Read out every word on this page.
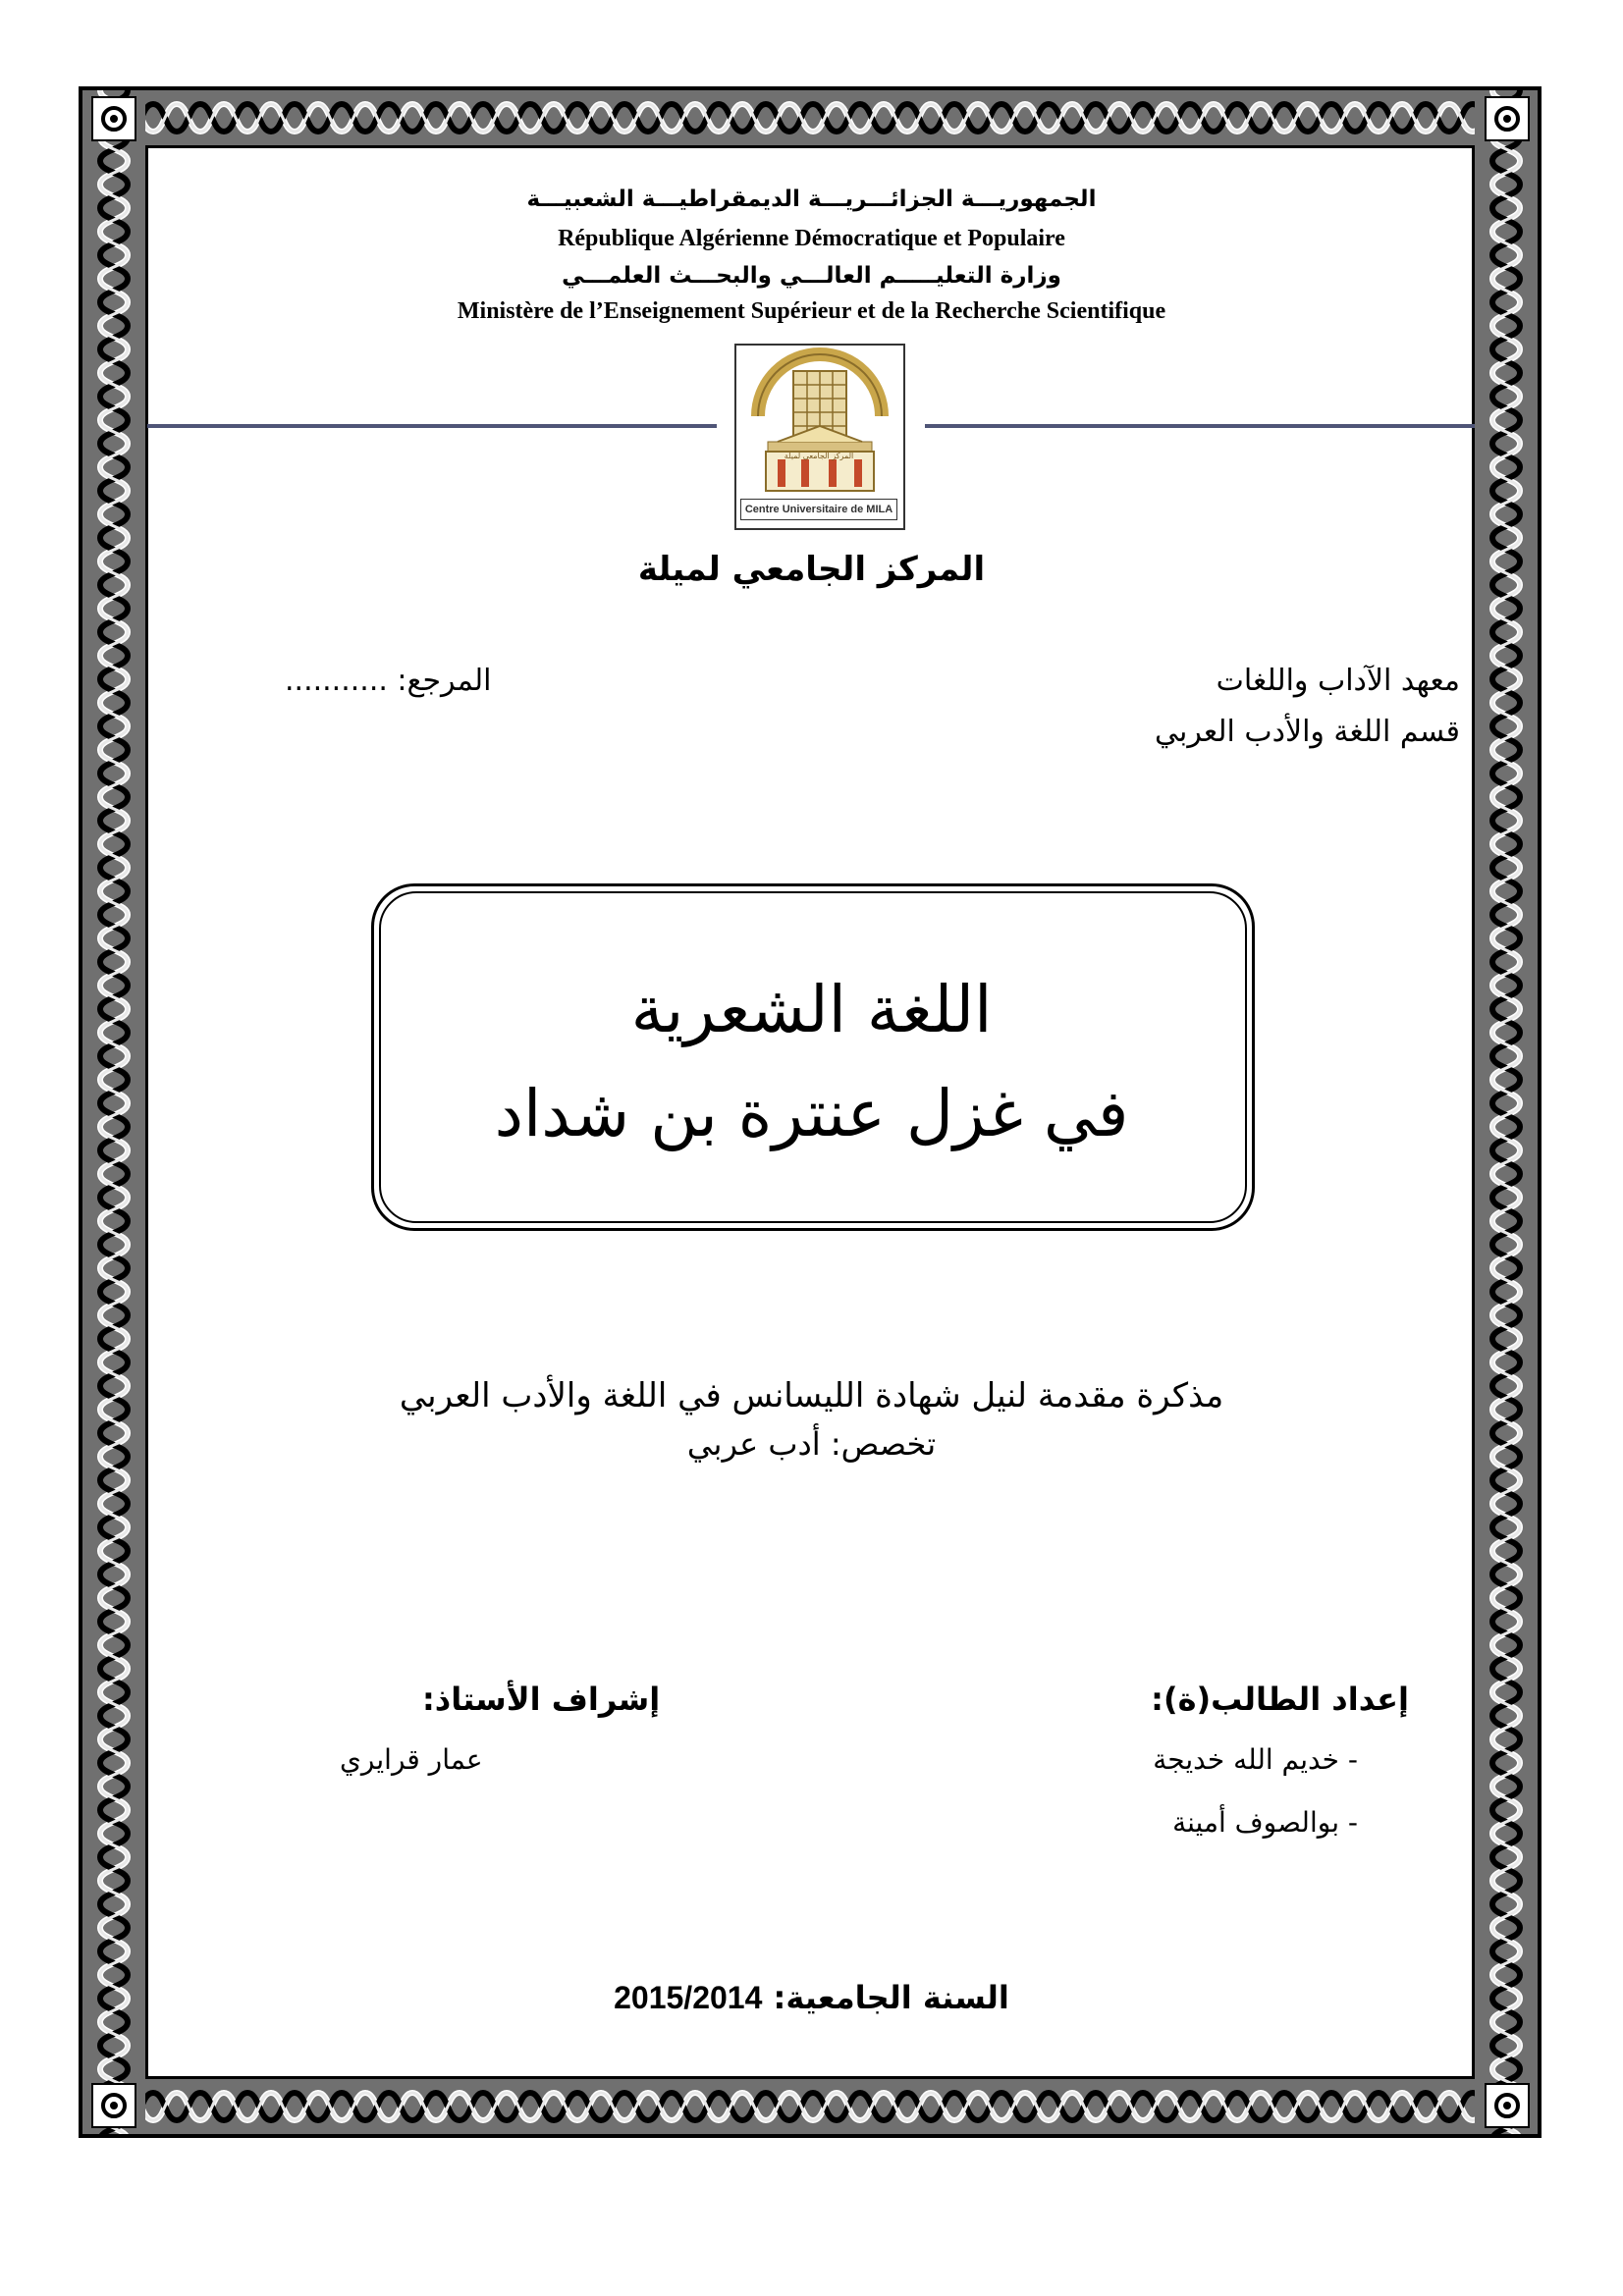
الجمهوريـــة الجزائـــريـــة الديمقراطيـــة الشعبيـــة
République Algérienne Démocratique et Populaire
وزارة التعليـــــم العالـــي والبحـــث العلمـــي
Ministère de l’Enseignement Supérieur et de la Recherche Scientifique
المركز الجامعي لميلة
Centre Universitaire de MILA
المركز الجامعي لميلة
معهد الآداب واللغات
قسم اللغة والأدب العربي
المرجع: ...........
اللغة الشعرية
في غزل عنترة بن شداد
مذكرة مقدمة لنيل شهادة الليسانس في اللغة والأدب العربي
تخصص: أدب عربي
إعداد الطالب(ة):
- خديم الله خديجة
- بوالصوف أمينة
إشراف الأستاذ:
عمار قرايري
السنة الجامعية: 2015/2014
